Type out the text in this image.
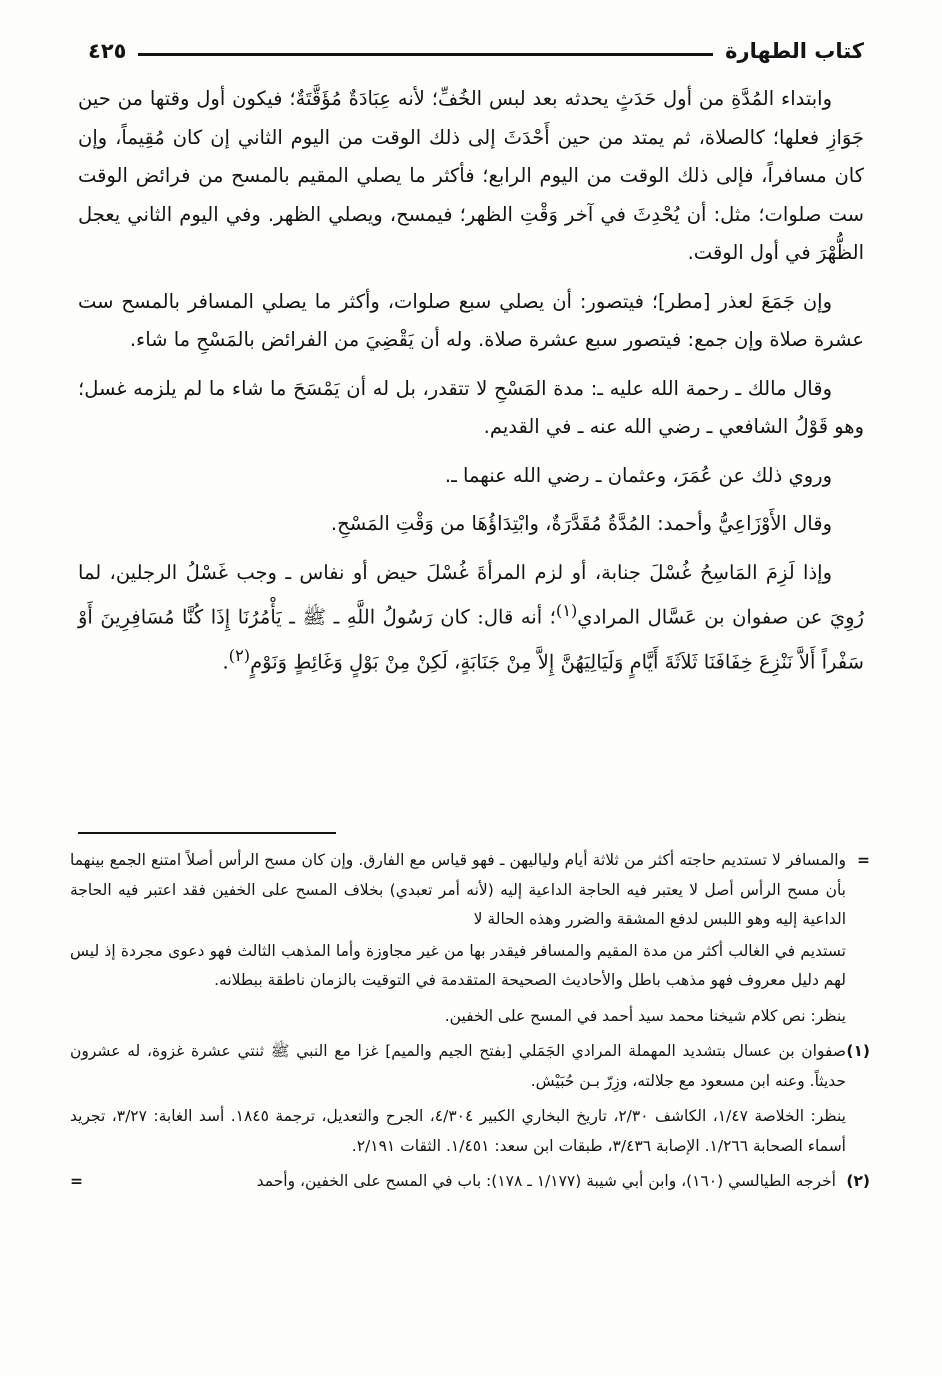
كتاب الطهارة
٤٢٥

وابتداء المُدَّةِ من أول حَدَثٍ يحدثه بعد لبس الخُفِّ؛ لأنه عِبَادَةٌ مُؤَقَّتَةٌ؛ فيكون أول وقتها من حين جَوَازِ فعلها؛ كالصلاة، ثم يمتد من حين أَحْدَثَ إلى ذلك الوقت من اليوم الثاني إن كان مُقِيماً، وإن كان مسافراً، فإلى ذلك الوقت من اليوم الرابع؛ فأكثر ما يصلي المقيم بالمسح من فرائض الوقت ست صلوات؛ مثل: أن يُحْدِثَ في آخر وَقْتِ الظهر؛ فيمسح، ويصلي الظهر. وفي اليوم الثاني يعجل الظُّهْرَ في أول الوقت.

وإن جَمَعَ لعذر [مطر]؛ فيتصور: أن يصلي سبع صلوات، وأكثر ما يصلي المسافر بالمسح ست عشرة صلاة وإن جمع: فيتصور سبع عشرة صلاة. وله أن يَقْضِيَ من الفرائض بالمَسْحِ ما شاء.

وقال مالك ـ رحمة الله عليه ـ: مدة المَسْحِ لا تتقدر، بل له أن يَمْسَحَ ما شاء ما لم يلزمه غسل؛ وهو قَوْلُ الشافعي ـ رضي الله عنه ـ في القديم.

وروي ذلك عن عُمَرَ، وعثمان ـ رضي الله عنهما ـ.

وقال الأَوْزَاعِيُّ وأحمد: المُدَّةُ مُقَدَّرَةٌ، وابْتِدَاؤُهَا من وَقْتِ المَسْحِ.

وإذا لَزِمَ المَاسِحُ غُسْلَ جنابة، أو لزم المرأةَ غُسْلَ حيض أو نفاس ـ وجب غَسْلُ الرجلين، لما رُوِيَ عن صفوان بن عَسَّال المرادي$^{(١)}$؛ أنه قال: كان رَسُولُ اللَّهِ ـ ﷺ ـ يَأْمُرُنَا إِذَا كُنَّا مُسَافِرِينَ أَوْ سَفْراً أَلاَّ نَنْزِعَ خِفَافَنَا ثَلاَثَةَ أَيَّامٍ وَلَيَالِيَهُنَّ إِلاَّ مِنْ جَنَابَةٍ، لَكِنْ مِنْ بَوْلٍ وَغَائِطٍ وَنَوْمٍ$^{(٢)}$.

=
والمسافر لا تستديم حاجته أكثر من ثلاثة أيام ولياليهن ـ فهو قياس مع الفارق. وإن كان مسح الرأس أصلاً امتنع الجمع بينهما بأن مسح الرأس أصل لا يعتبر فيه الحاجة الداعية إليه (لأنه أمر تعبدي) بخلاف المسح على الخفين فقد اعتبر فيه الحاجة الداعية إليه وهو اللبس لدفع المشقة والضرر وهذه الحالة لا
تستديم في الغالب أكثر من مدة المقيم والمسافر فيقدر بها من غير مجاوزة وأما المذهب الثالث فهو دعوى مجردة إذ ليس لهم دليل معروف فهو مذهب باطل والأحاديث الصحيحة المتقدمة في التوقيت بالزمان ناطقة ببطلانه.
ينظر: نص كلام شيخنا محمد سيد أحمد في المسح على الخفين.
(١)
صفوان بن عسال بتشديد المهملة المرادي الجَمَلي [بفتح الجيم والميم] غزا مع النبي ﷺ ثنتي عشرة غزوة، له عشرون حديثاً. وعنه ابن مسعود مع جلالته، وزِرّ بـن حُبَيْش.
ينظر: الخلاصة ١/٤٧، الكاشف ٢/٣٠، تاريخ البخاري الكبير ٤/٣٠٤، الجرح والتعديل، ترجمة ١٨٤٥. أسد الغابة: ٣/٢٧، تجريد أسماء الصحابة ١/٢٦٦. الإصابة ٣/٤٣٦، طبقات ابن سعد: ١/٤٥١. الثقات ٢/١٩١.
(٢)
أخرجه الطيالسي (١٦٠)، وابن أبي شيبة (١/١٧٧ ـ ١٧٨): باب في المسح على الخفين، وأحمد
=
